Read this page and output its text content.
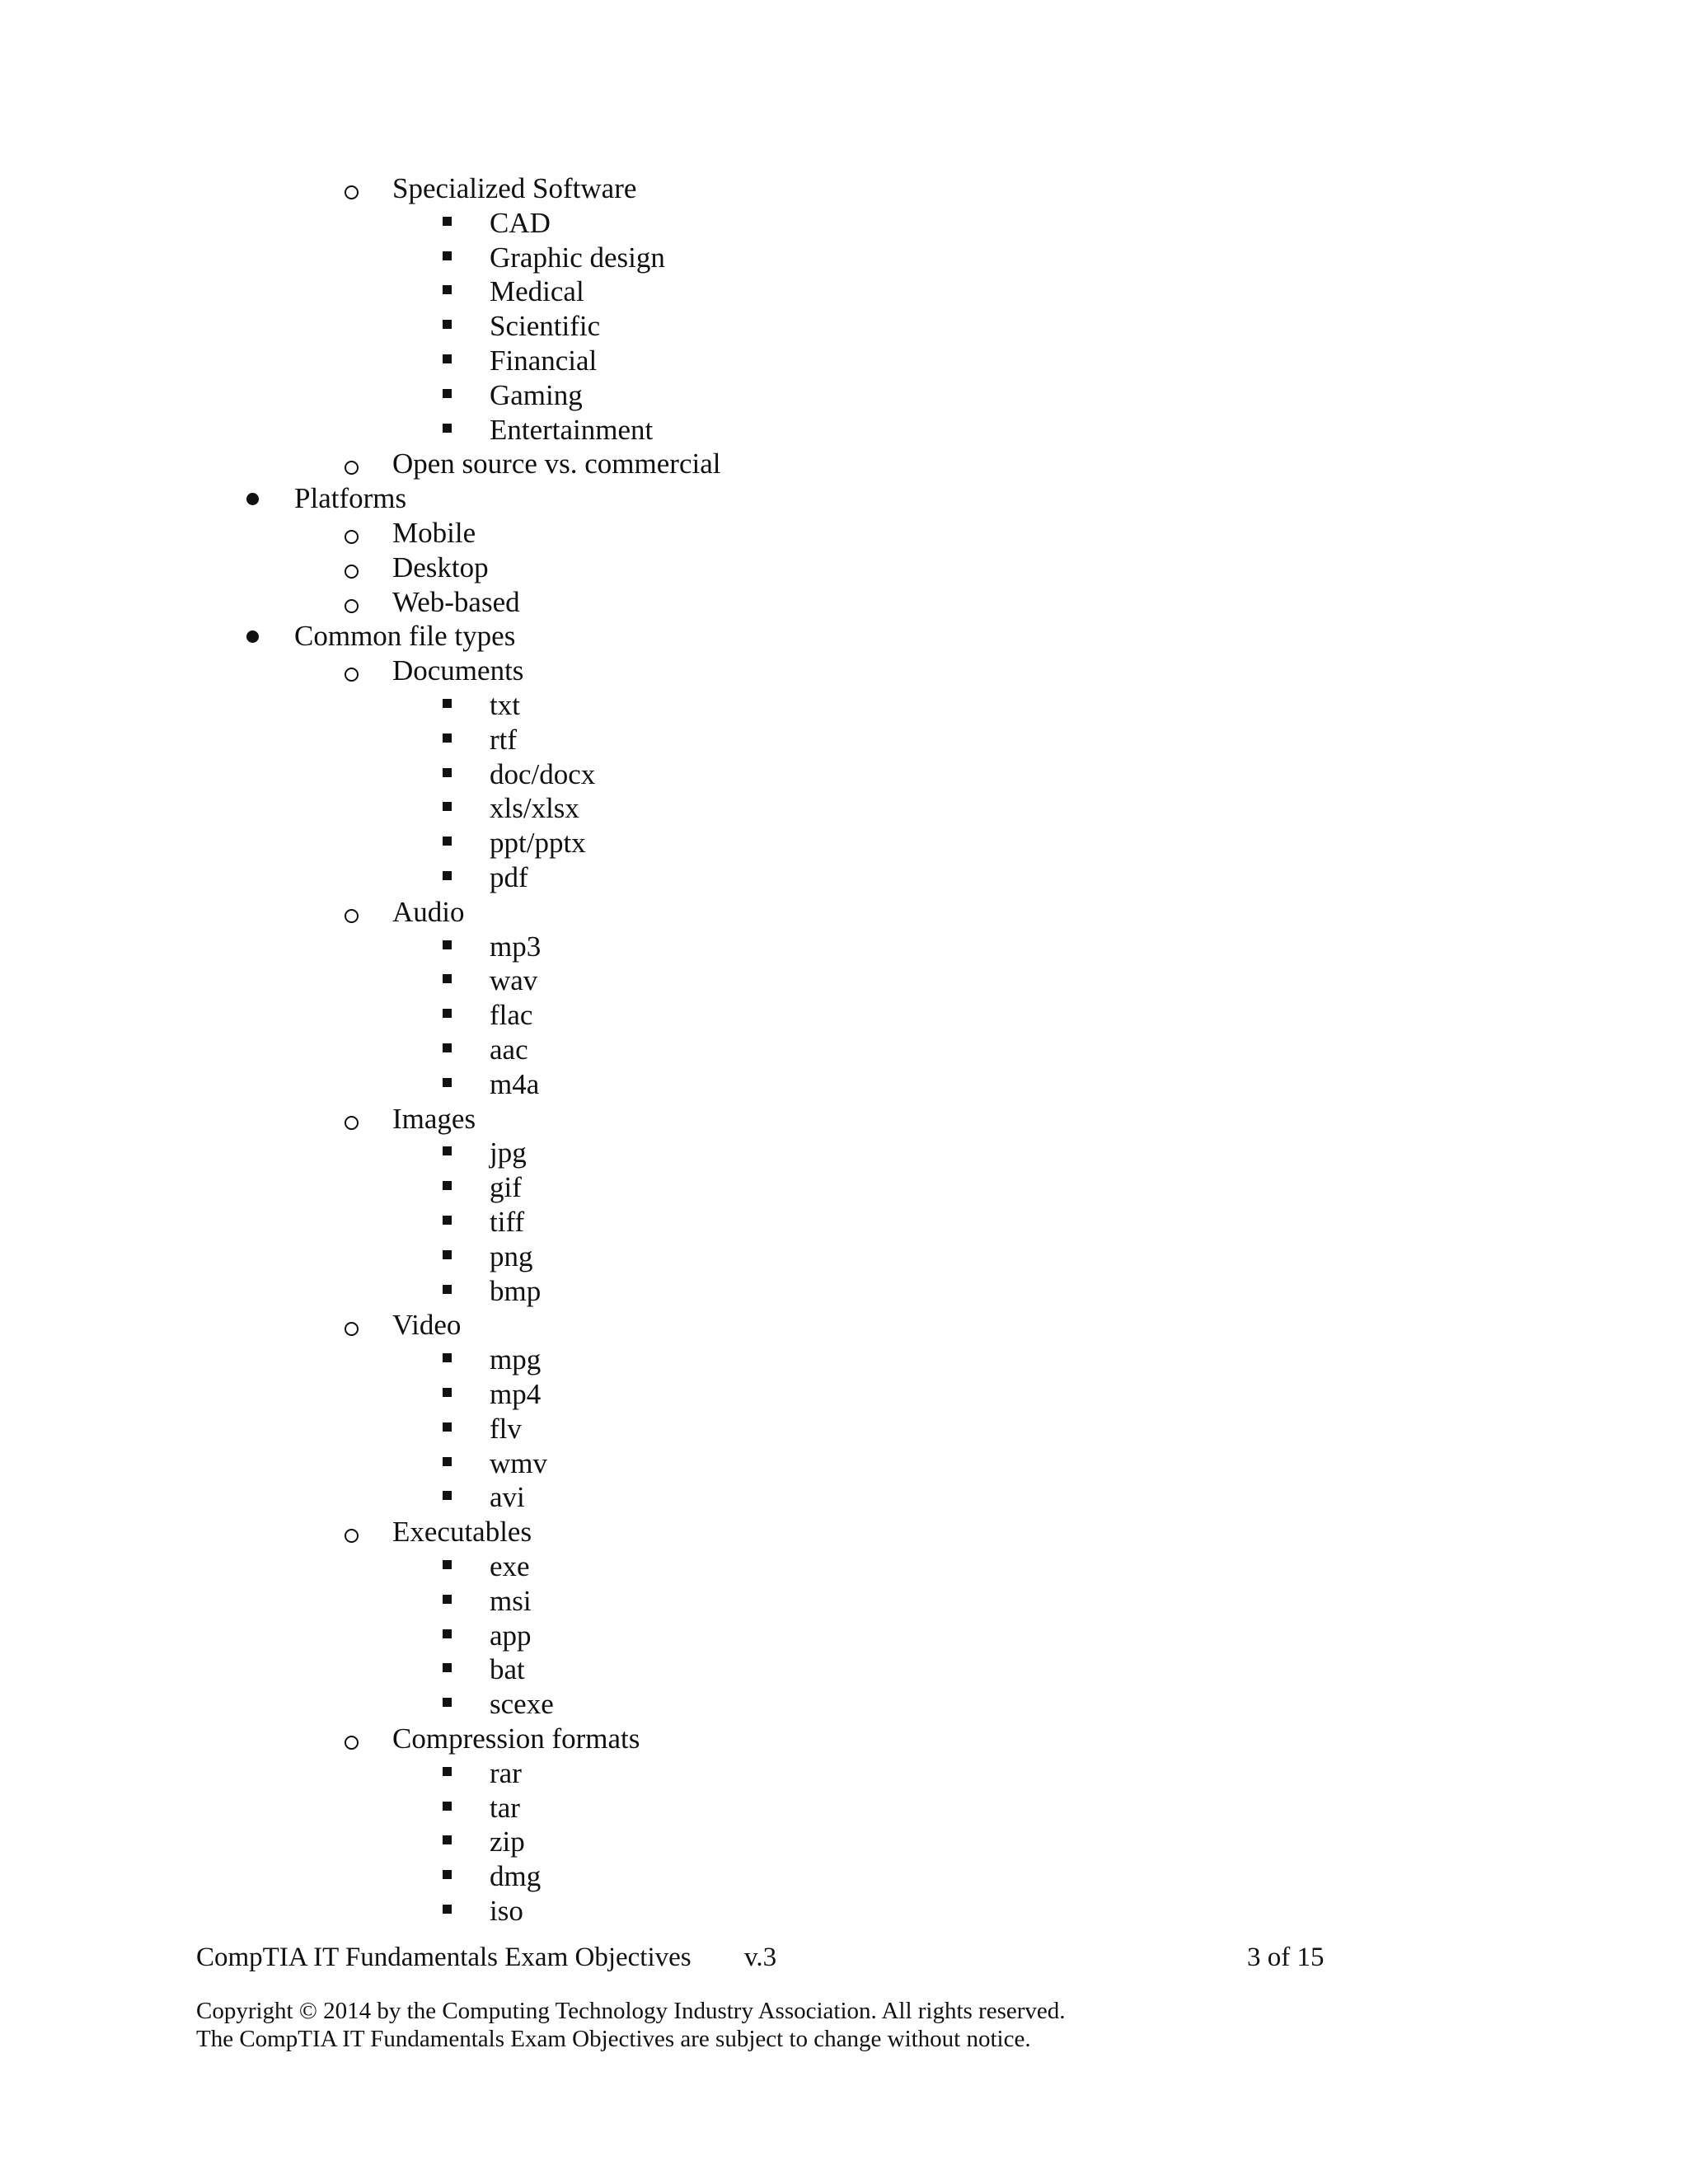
Specialized Software
CAD
Graphic design
Medical
Scientific
Financial
Gaming
Entertainment
Open source vs. commercial
Platforms
Mobile
Desktop
Web-based
Common file types
Documents
txt
rtf
doc/docx
xls/xlsx
ppt/pptx
pdf
Audio
mp3
wav
flac
aac
m4a
Images
jpg
gif
tiff
png
bmp
Video
mpg
mp4
flv
wmv
avi
Executables
exe
msi
app
bat
scexe
Compression formats
rar
tar
zip
dmg
iso
CompTIA IT Fundamentals Exam Objectives v.3	3 of 15
Copyright © 2014 by the Computing Technology Industry Association. All rights reserved.
The CompTIA IT Fundamentals Exam Objectives are subject to change without notice.
